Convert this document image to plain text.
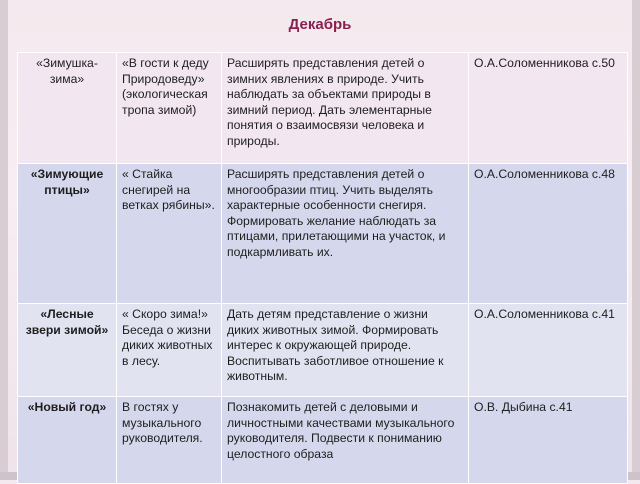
Декабрь
«Зимушка-зима»	«В гости к деду Природоведу» (экологическая тропа зимой)	Расширять представления детей о зимних явлениях в природе. Учить наблюдать за объектами природы в зимний период. Дать элементарные понятия о взаимосвязи человека и природы.	О.А.Соломенникова с.50
«Зимующие птицы»	« Стайка снегирей на ветках рябины».	Расширять представления детей о многообразии птиц. Учить выделять характерные особенности снегиря. Формировать желание наблюдать за птицами, прилетающими на участок, и подкармливать их.	О.А.Соломенникова с.48
«Лесные звери зимой»	« Скоро зима!» Беседа о жизни диких животных в лесу.	Дать детям представление о жизни диких животных зимой. Формировать интерес к окружающей природе. Воспитывать заботливое отношение к животным.	О.А.Соломенникова с.41
«Новый год»	В гостях у музыкального руководителя.	Познакомить детей с деловыми и личностными качествами музыкального руководителя. Подвести к пониманию целостного образа	О.В. Дыбина с.41
